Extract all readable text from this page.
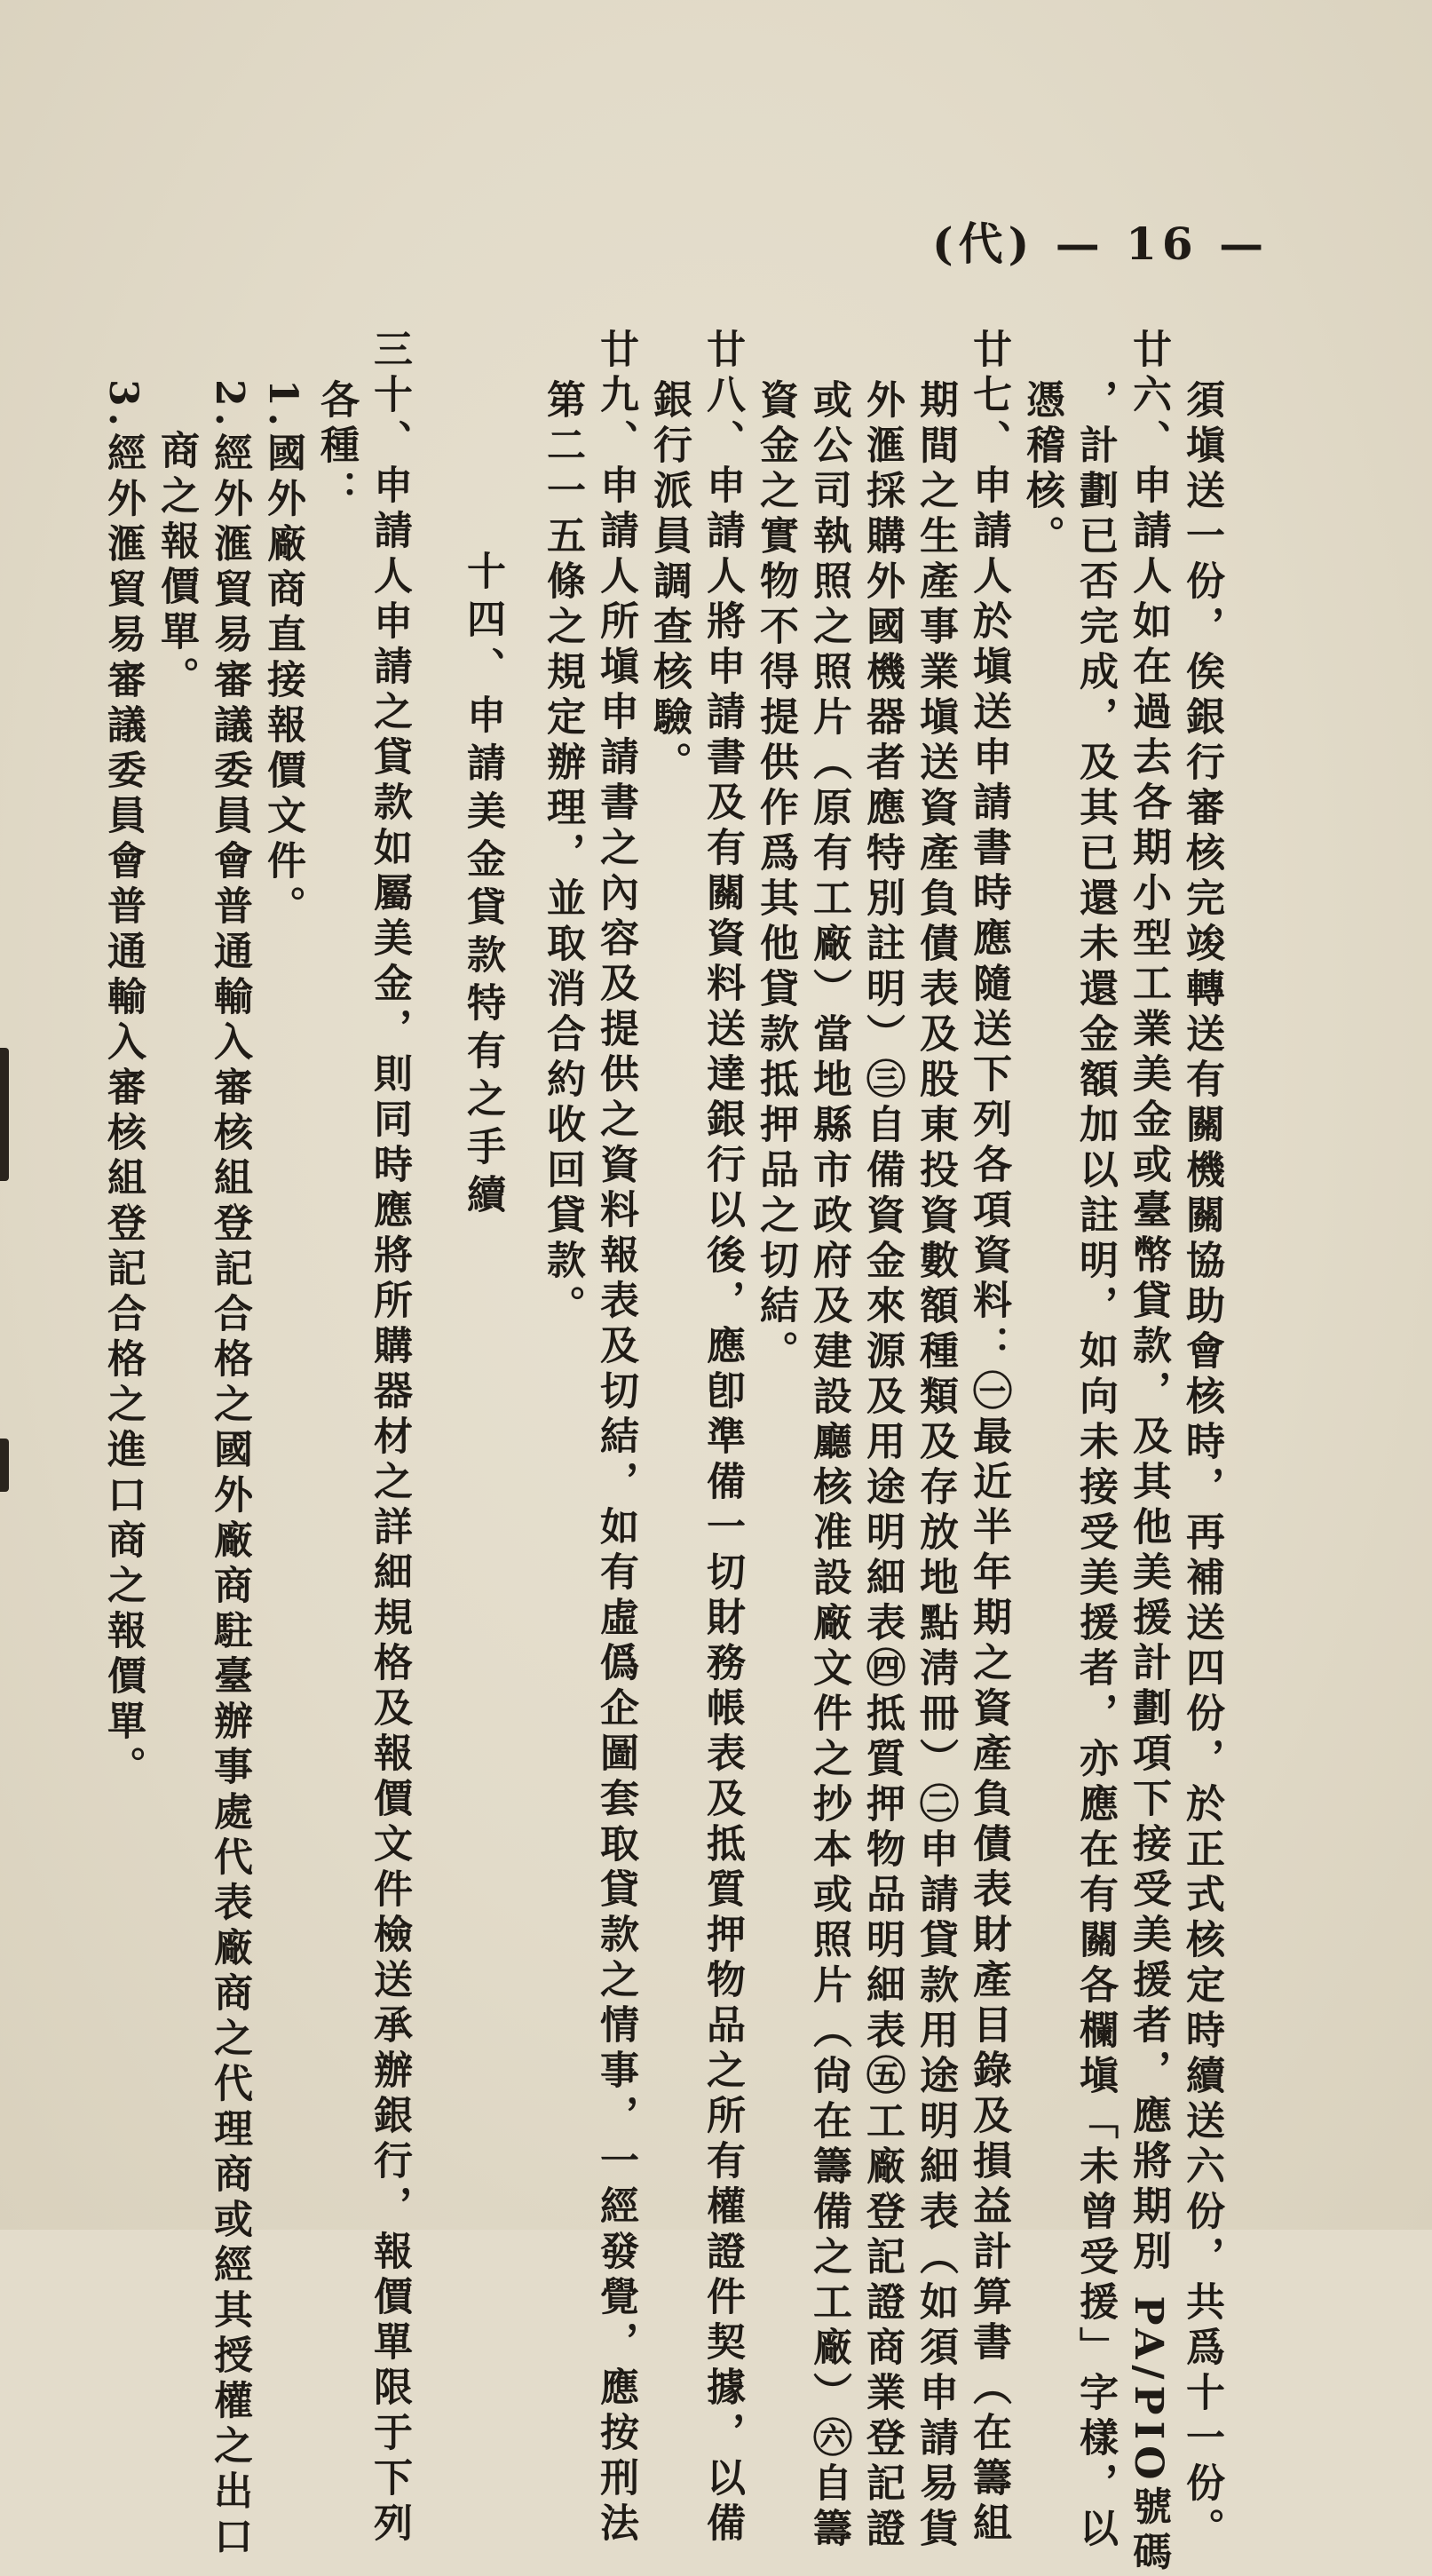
(代) — 16 —
須塡送一份，俟銀行審核完竣轉送有關機關協助會核時，再補送四份，於正式核定時續送六份，共爲十一份。
廿六、申請人如在過去各期小型工業美金或臺幣貸款，及其他美援計劃項下接受美援者，應將期別 PA/PIO號碼
，計劃已否完成，及其已還未還金額加以註明，如向未接受美援者，亦應在有關各欄塡「未曾受援」字樣，以
憑稽核。
廿七、申請人於塡送申請書時應隨送下列各項資料：㊀最近半年期之資產負債表財產目錄及損益計算書（在籌組
期間之生產事業塡送資產負債表及股東投資數額種類及存放地點淸冊）㊁申請貸款用途明細表（如須申請易貨
外滙採購外國機器者應特別註明）㊂自備資金來源及用途明細表㊃抵質押物品明細表㊄工廠登記證商業登記證
或公司執照之照片（原有工廠）當地縣市政府及建設廳核准設廠文件之抄本或照片（尙在籌備之工廠）㊅自籌
資金之實物不得提供作爲其他貸款抵押品之切結。
廿八、申請人將申請書及有關資料送達銀行以後，應卽準備一切財務帳表及抵質押物品之所有權證件契據，以備
銀行派員調查核驗。
廿九、申請人所塡申請書之內容及提供之資料報表及切結，如有虛僞企圖套取貸款之情事，一經發覺，應按刑法
第二一五條之規定辦理，並取消合約收回貸款。
十四、申請美金貸款特有之手續
三十、申請人申請之貸款如屬美金，則同時應將所購器材之詳細規格及報價文件檢送承辦銀行，報價單限于下列
各種：
1.國外廠商直接報價文件。
2.經外滙貿易審議委員會普通輸入審核組登記合格之國外廠商駐臺辦事處代表廠商之代理商或經其授權之出口
商之報價單。
3.經外滙貿易審議委員會普通輸入審核組登記合格之進口商之報價單。
